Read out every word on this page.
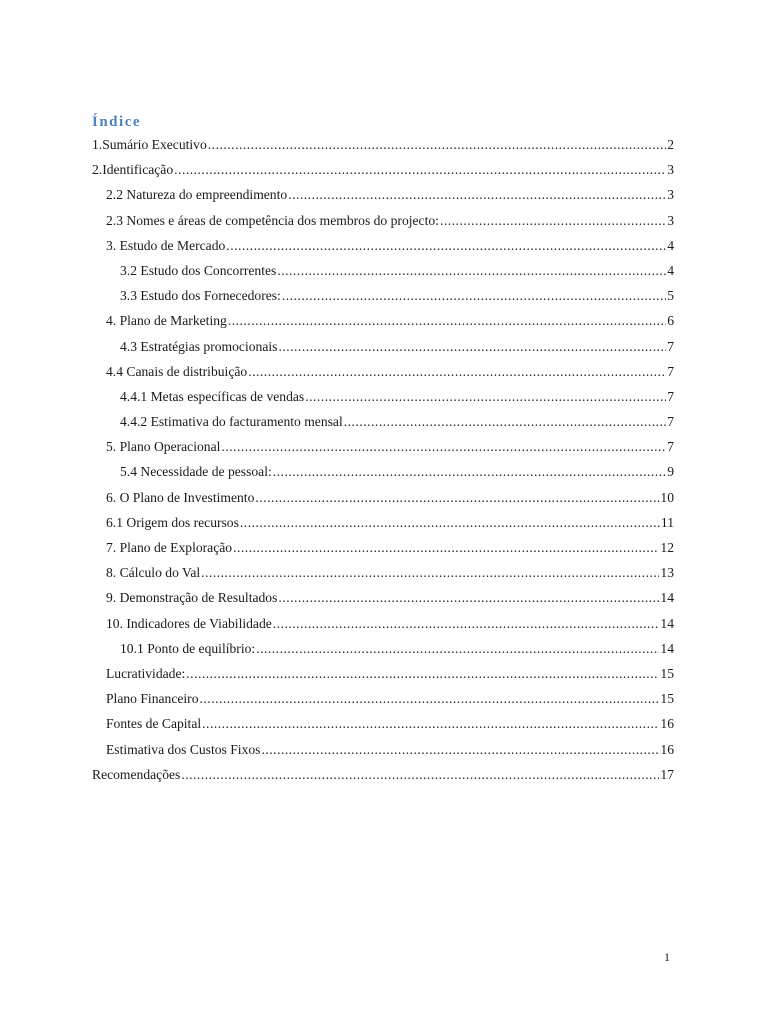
Índice
1.Sumário Executivo .....	2
2.Identificação .....	3
2.2 Natureza do empreendimento .....	3
2.3 Nomes e áreas de competência dos membros do projecto: .....	3
3. Estudo de Mercado .....	4
3.2 Estudo dos Concorrentes .....	4
3.3 Estudo dos Fornecedores: .....	5
4. Plano de Marketing .....	6
4.3 Estratégias promocionais .....	7
4.4 Canais de distribuição .....	7
4.4.1 Metas específicas de vendas .....	7
4.4.2 Estimativa do facturamento mensal .....	7
5. Plano Operacional .....	7
5.4 Necessidade de pessoal: .....	9
6. O Plano de Investimento .....	10
6.1 Origem dos recursos .....	11
7. Plano de Exploração .....	12
8. Cálculo do Val .....	13
9. Demonstração de Resultados .....	14
10. Indicadores de Viabilidade .....	14
10.1 Ponto de equilíbrio: .....	14
Lucratividade: .....	15
Plano Financeiro .....	15
Fontes de Capital .....	16
Estimativa dos Custos Fixos .....	16
Recomendações .....	17
1
